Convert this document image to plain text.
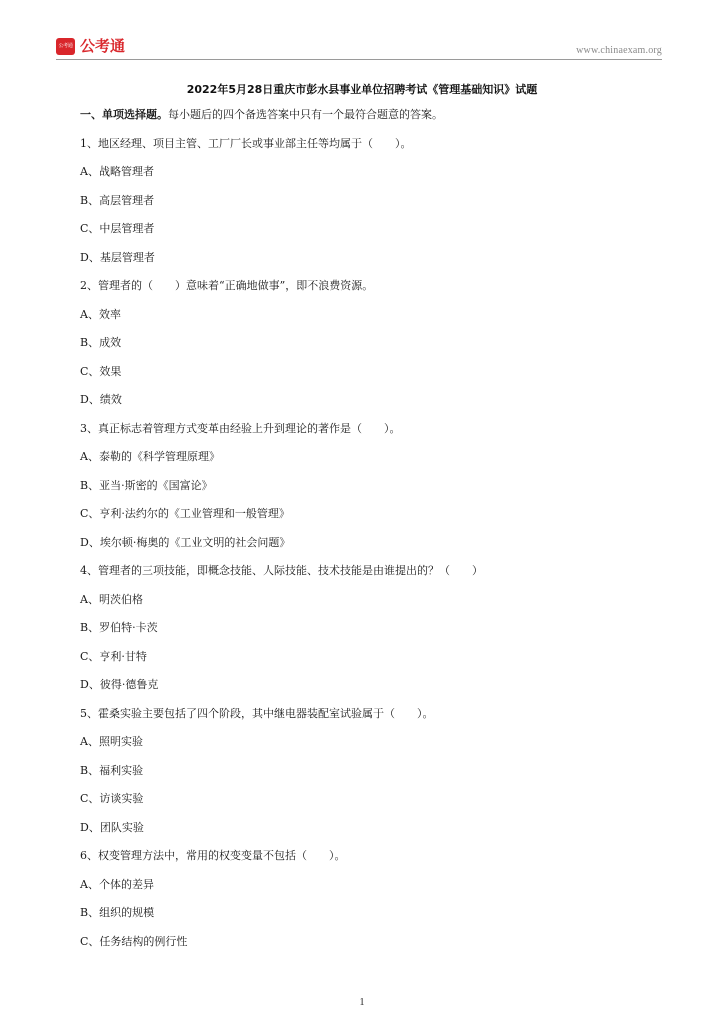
公考通 公考通	www.chinaexam.org
2022年5月28日重庆市彭水县事业单位招聘考试《管理基础知识》试题
一、单项选择题。每小题后的四个备选答案中只有一个最符合题意的答案。
1、地区经理、项目主管、工厂厂长或事业部主任等均属于（　　）。
A、战略管理者
B、高层管理者
C、中层管理者
D、基层管理者
2、管理者的（　　）意味着“正确地做事”，即不浪费资源。
A、效率
B、成效
C、效果
D、绩效
3、真正标志着管理方式变革由经验上升到理论的著作是（　　）。
A、泰勒的《科学管理原理》
B、亚当·斯密的《国富论》
C、亨利·法约尔的《工业管理和一般管理》
D、埃尔顿·梅奥的《工业文明的社会问题》
4、管理者的三项技能，即概念技能、人际技能、技术技能是由谁提出的？（　　）
A、明茨伯格
B、罗伯特·卡茨
C、亨利·甘特
D、彼得·德鲁克
5、霍桑实验主要包括了四个阶段，其中继电器装配室试验属于（　　）。
A、照明实验
B、福利实验
C、访谈实验
D、团队实验
6、权变管理方法中，常用的权变变量不包括（　　）。
A、个体的差异
B、组织的规模
C、任务结构的例行性
1
